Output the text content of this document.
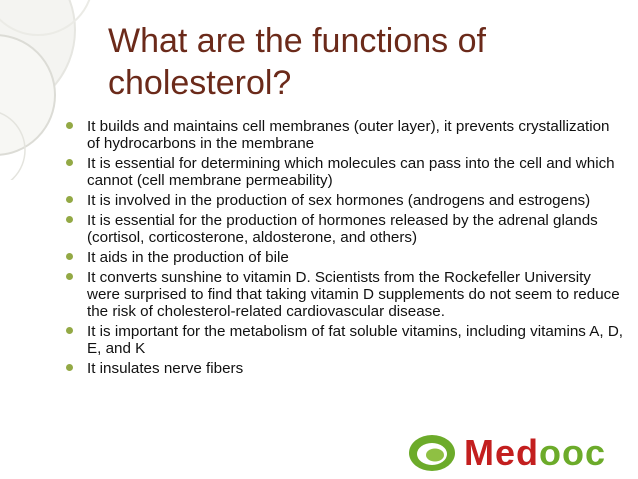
What are the functions of cholesterol?
It builds and maintains cell membranes (outer layer), it prevents crystallization of hydrocarbons in the membrane
It is essential for determining which molecules can pass into the cell and which cannot (cell membrane permeability)
It is involved in the production of sex hormones (androgens and estrogens)
It is essential for the production of hormones released by the adrenal glands (cortisol, corticosterone, aldosterone, and others)
It aids in the production of bile
It converts sunshine to vitamin D. Scientists from the Rockefeller University were surprised to find that taking vitamin D supplements do not seem to reduce the risk of cholesterol-related cardiovascular disease.
It is important for the metabolism of fat soluble vitamins, including vitamins A, D, E, and K
It insulates nerve fibers
Medooc
